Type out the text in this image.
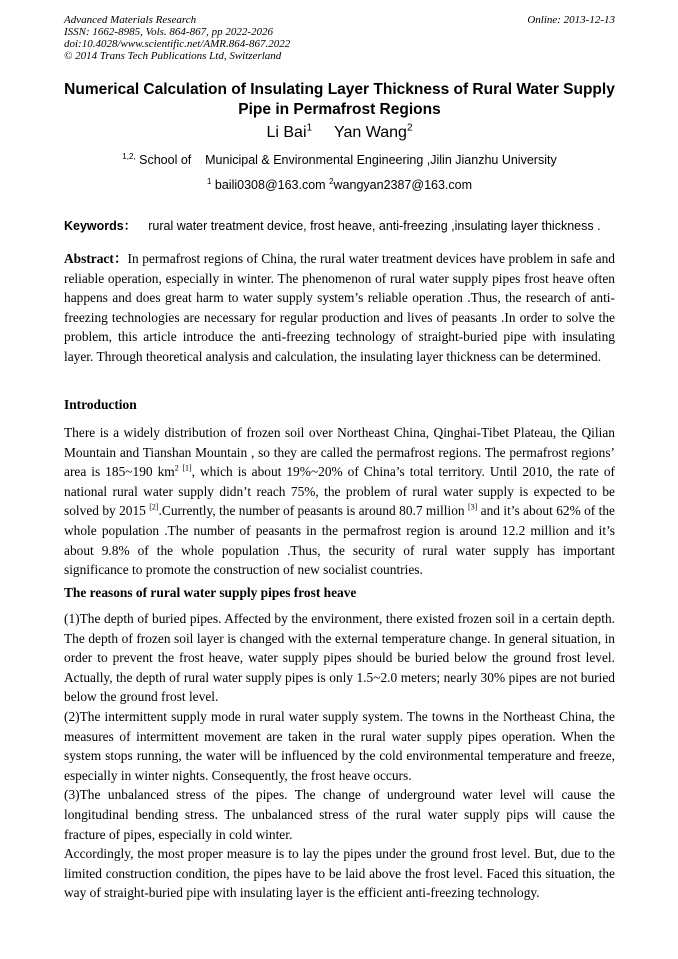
Advanced Materials Research
ISSN: 1662-8985, Vols. 864-867, pp 2022-2026
doi:10.4028/www.scientific.net/AMR.864-867.2022
© 2014 Trans Tech Publications Ltd, Switzerland
Online: 2013-12-13
Numerical Calculation of Insulating Layer Thickness of Rural Water Supply Pipe in Permafrost Regions
Li Bai$^1$ Yan Wang$^2$
$^{1,2,}$ School of    Municipal & Environmental Engineering ,Jilin Jianzhu University
$^1$ baili0308@163.com $^2$wangyan2387@163.com
Keywords： rural water treatment device, frost heave, anti-freezing ,insulating layer thickness .

Abstract：In permafrost regions of China, the rural water treatment devices have problem in safe and reliable operation, especially in winter. The phenomenon of rural water supply pipes frost heave often happens and does great harm to water supply system’s reliable operation .Thus, the research of anti-freezing technologies are necessary for regular production and lives of peasants .In order to solve the problem, this article introduce the anti-freezing technology of straight-buried pipe with insulating layer. Through theoretical analysis and calculation, the insulating layer thickness can be determined.

Introduction

There is a widely distribution of frozen soil over Northeast China, Qinghai-Tibet Plateau, the Qilian Mountain and Tianshan Mountain , so they are called the permafrost regions. The permafrost regions’ area is 185~190 $km^{2 [1]}$, which is about 19%~20% of China’s total territory. Until 2010, the rate of national rural water supply didn’t reach 75%, the problem of rural water supply is expected to be solved by 2015 [2].Currently, the number of peasants is around 80.7 million [3] and it’s about 62% of the whole population .The number of peasants in the permafrost region is around 12.2 million and it’s about 9.8% of the whole population .Thus, the security of rural water supply has important significance to promote the construction of new socialist countries.

The reasons of rural water supply pipes frost heave

(1)The depth of buried pipes. Affected by the environment, there existed frozen soil in a certain depth. The depth of frozen soil layer is changed with the external temperature change. In general situation, in order to prevent the frost heave, water supply pipes should be buried below the ground frost level. Actually, the depth of rural water supply pipes is only 1.5~2.0 meters; nearly 30% pipes are not buried below the ground frost level.

(2)The intermittent supply mode in rural water supply system. The towns in the Northeast China, the measures of intermittent movement are taken in the rural water supply pipes operation. When the system stops running, the water will be influenced by the cold environmental temperature and freeze, especially in winter nights. Consequently, the frost heave occurs.

(3)The unbalanced stress of the pipes. The change of underground water level will cause the longitudinal bending stress. The unbalanced stress of the rural water supply pips will cause the fracture of pipes, especially in cold winter.

Accordingly, the most proper measure is to lay the pipes under the ground frost level. But, due to the limited construction condition, the pipes have to be laid above the frost level. Faced this situation, the way of straight-buried pipe with insulating layer is the efficient anti-freezing technology.
